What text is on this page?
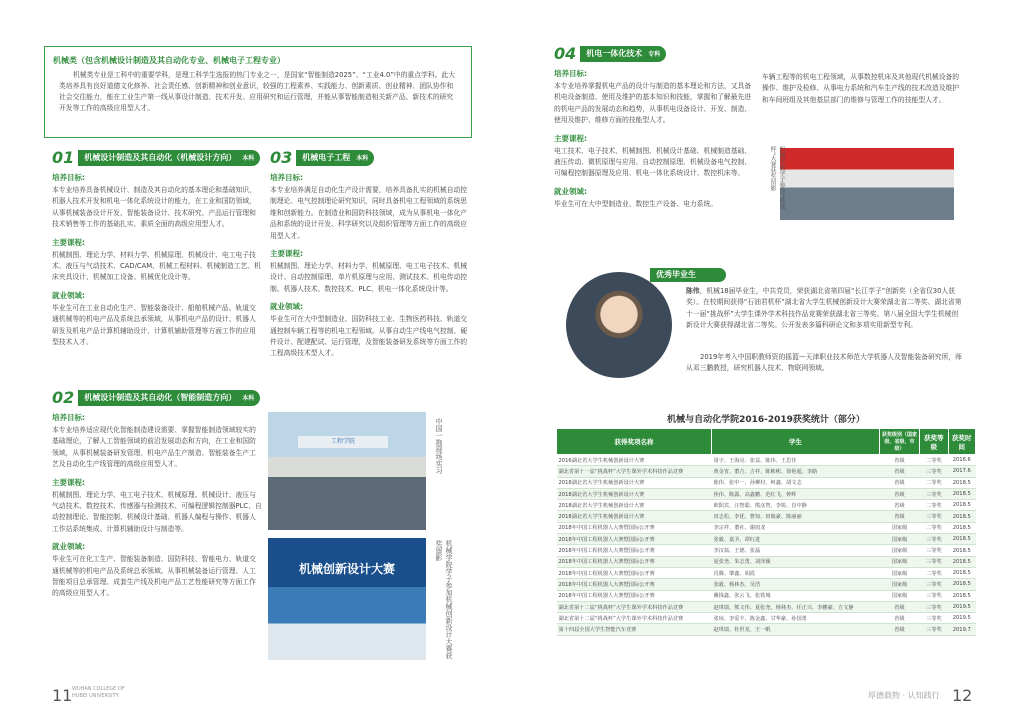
机械类（包含机械设计制造及其自动化专业、机械电子工程专业）
机械类专业是工科中的重要学科，是理工科学生选报的热门专业之一，是国家“智能制造2025”、“工业4.0”中的重点学科。此大类培养具有良好道德文化修养、社会责任感、创新精神和创业意识，较强的工程素养、实践能力、创新素质、创业精神、团队协作和社会交往能力，能在工业生产第一线从事设计制造、技术开发、应用研究和运行管理，并能从事智能制造相关新产品、新技术的研究开发等工作的高级应用型人才。
01	机械设计制造及其自动化（机械设计方向） 本科
培养目标:
本专业培养具备机械设计、制造及其自动化的基本理论和基础知识，机器人技术开发和机电一体化系统设计的能力，在工业和国防领域，从事机械装备设计开发、智能装备设计、技术研究、产品运行管理和技术销售等工作的基础扎实、素质全面的高级应用型人才。
主要课程:
机械制图、理论力学、材料力学、机械原理、机械设计、电工电子技术、液压与气动技术、CAD/CAM、机械工程材料、机械制造工艺、机床夹具设计、机械加工设备、机械优化设计等。
就业领域:
毕业生可在工业自动化生产、智能装备设计、船舶机械产品、轨道交通机械等的机电产品及系统总承领域，从事机电产品的设计、机器人研发及机电产品计算机辅助设计、计算机辅助管理等方面工作的应用型技术人才。
02	机械设计制造及其自动化（智能制造方向） 本科
培养目标:
本专业培养适应现代化智能制造建设需要、掌握智能制造领域较实的基础理论，了解人工智能领域的前沿发展动态和方向，在工业和国防领域，从事机械装备研发管理、机电产品生产制造、智能装备生产工艺及自动化生产线管理的高级应用型人才。
主要课程:
机械制图、理论力学、电工电子技术、机械原理、机械设计、液压与气动技术、数控技术、传感器与检测技术、可编程逻辑控制器PLC、自动控制理论、智能控制、机械设计基础、机器人编程与操作、机器人工作站系统集成、计算机辅助设计与制造等。
就业领域:
毕业生可在化工生产、智能装备制造、国防科技、智能电力、轨道交通机械等的机电产品及系统总承领域。从事机械装备运行管理、人工智能项目总承管理、成套生产线及机电产品工艺性能研究等方面工作的高级应用型人才。
03	机械电子工程 本科
培养目标:
本专业培养满足自动化生产设计需要，培养具备扎实的机械自动控制理论、电气控制理论研究知识，同时具备机电工程领域的系统思维和创新能力。在制造业和国防科技领域，成为从事机电一体化产品和系统的设计开发、科学研究以及组织管理等方面工作的高级应用型人才。
主要课程:
机械制图、理论力学、材料力学、机械原理、电工电子技术、机械设计、自动控制原理、单片机原理与应用、测试技术、机电传动控制、机器人技术、数控技术、PLC、机电一体化系统设计等。
就业领域:
毕业生可在大中型制造业、国防科技工业、生物医药科技、轨道交通控制车辆工程等的机电工程领域。从事自动生产线电气控制、硬件设计、配建配试、运行管理，及智能装备研发系统等方面工作的工程高级技术型人才。
工程学院	中国一拖现场实习
机械创新设计大赛	机械学院学子参加机械创新设计大赛获奖留影
04	机电一体化技术 专科
培养目标:
本专业培养掌握机电产品的设计与制造的基本理论和方法，又具备机电设备制造、使用及维护的基本知识和技能，掌握和了解最先进的机电产品的发展动态和趋势，从事机电设备设计、开发、制造、使用及维护、维修方面的技能型人才。
主要课程:
电工技术、电子技术、机械制图、机械设计基础、机械制造基础、液压传动、微机原理与应用、自动控制原理、机械设备电气控制、可编程控制器原理及应用、机电一体化系统设计、数控机床等。
就业领域:
毕业生可在大中型制造业、数控生产设备、电力系统。
车辆工程等的机电工程领域，从事数控机床及其他现代机械设备的操作、维护及检修、从事电力系统和汽车生产线的技术改造及维护和车间班组及其他基层部门的维修与管理工作的技能型人才。
机械学院学子参加“挑战杯”大赛获奖留影
优秀毕业生
陈伟，机械18届毕业生，中共党员，荣获湖北省第四届“长江学子”创新奖（全省仅30人获奖）。在校期间获得“石油君机杯”湖北省大学生机械创新设计大赛荣湖北省二等奖、湖北省第十一届“挑战杯”大学生课外学术科技作品竞赛荣获湖北省三等奖、第八届全国大学生机械创新设计大赛获得湖北省二等奖。公开发表多篇科研论文和多项实用新型专利。
2019年考入中国职教师资的摇篮—天津职业技术师范大学机器人及智能装备研究所，师从邓三鹏教授，研究机器人技术、物联网领域。
机械与自动化学院2016-2019获奖统计（部分）
获得奖项名称	学生	获奖级别（国家级、省级、市级）	获奖等级	获奖时间
2016湖北省大学生机械创新设计大赛	周宇、王海亮、张益、陈伟、王思佳	省级	二等奖	2016.6
湖北省第十一届“挑战杯”大学生课外学术科技作品竞赛	黄金宵、董吉、吉祥、陈彬彬、徐艳超、李路	省级	三等奖	2017.6
2018湖北省大学生机械创新设计大赛	陈伟、张中一、孙柳村、柯鑫、胡文志	省级	二等奖	2018.5
2018湖北省大学生机械创新设计大赛	焦伟、陈露、高鑫鹏、范红飞、钟辉	省级	三等奖	2018.5
2018湖北省大学生机械创新设计大赛	欧阳宾、汪智聪、熊彦智、李锐、肖中静	省级	二等奖	2018.5
2018湖北省大学生机械创新设计大赛	田志松、李优、曹知、田俊豪、陈丽丽	省级	三等奖	2018.5
2018年中国工程机器人大赛暨国际公开赛	李宗祥、董社、谢雨龙	国家级	二等奖	2018.5
2018年中国工程机器人大赛暨国际公开赛	张毅、嘉圣、谭红进	国家级	三等奖	2018.5
2018年中国工程机器人大赛暨国际公开赛	李汉翁、王德、张磊	国家级	三等奖	2018.5
2018年中国工程机器人大赛暨国际公开赛	夏张尧、朱志勇、刘泽颖	国家级	三等奖	2018.5
2018年中国工程机器人大赛暨国际公开赛	肖腾、肇鑫、胡霞	国家级	二等奖	2018.5
2018年中国工程机器人大赛暨国际公开赛	张毅、杨林杰、吴浩	国家级	三等奖	2018.5
2018年中国工程机器人大赛暨国际公开赛	戴钱鑫、张云飞、张铁城	国家级	三等奖	2018.5
湖北省第十二届“挑战杯”大学生课外学术科技作品竞赛	赵琪瑞、熊文伟、夏张尧、杨林杰、任正兴、李鹏豪、方文静	省级	三等奖	2019.5
湖北省第十二届“挑战杯”大学生课外学术科技作品竞赛	张琼、李爱丰、陈金鑫、甘华豪、孙国勇	省级	三等奖	2019.5
第十四届全国大学生智能汽车竞赛	赵琪瑞、杜世龙、王一帆	省级	三等奖	2019.7
11 WUHAN COLLEGE OF
HUBEI UNIVERSITY	厚德载物 · 认知践行 12
